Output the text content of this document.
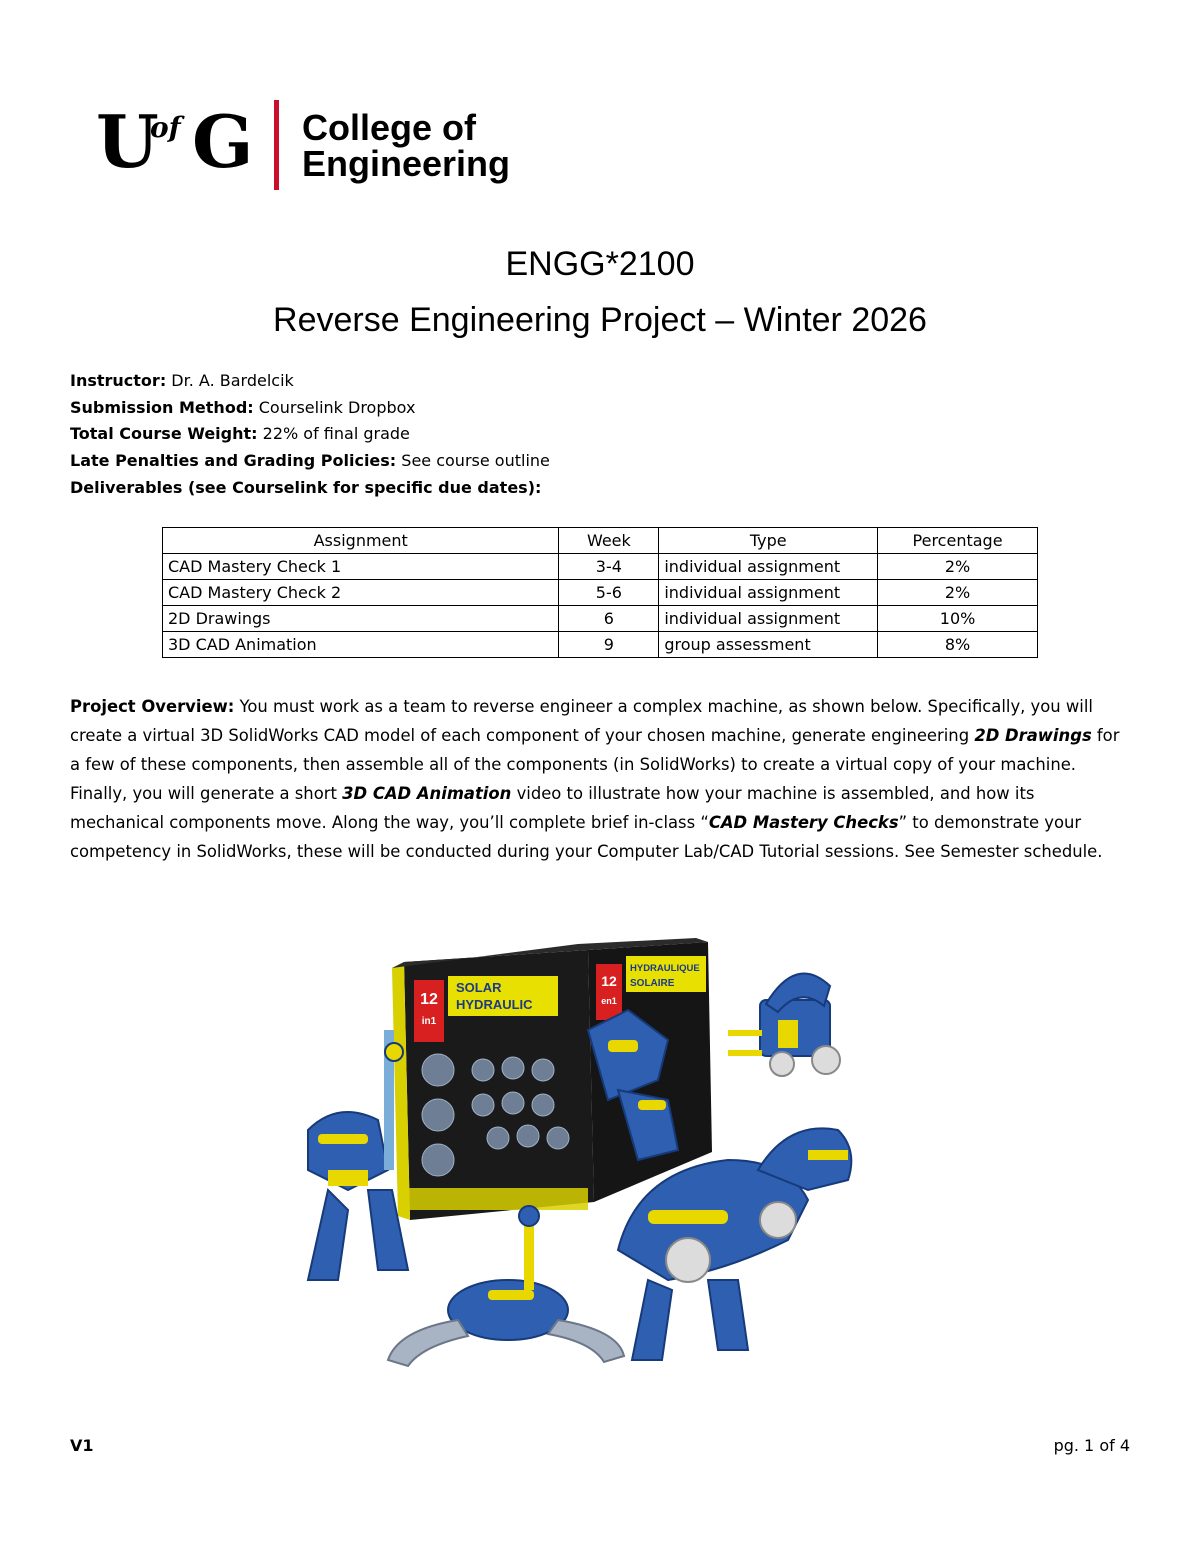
U
of G College of
Engineering
ENGG*2100
Reverse Engineering Project – Winter 2026
Instructor: Dr. A. Bardelcik
Submission Method: Courselink Dropbox
Total Course Weight: 22% of final grade
Late Penalties and Grading Policies: See course outline
Deliverables (see Courselink for specific due dates):
Assignment	Week	Type	Percentage
CAD Mastery Check 1	3-4	individual assignment	2%
CAD Mastery Check 2	5-6	individual assignment	2%
2D Drawings	6	individual assignment	10%
3D CAD Animation	9	group assessment	8%
Project Overview: You must work as a team to reverse engineer a complex machine, as shown below. Specifically, you will create a virtual 3D SolidWorks CAD model of each component of your chosen machine, generate engineering 2D Drawings for a few of these components, then assemble all of the components (in SolidWorks) to create a virtual copy of your machine. Finally, you will generate a short 3D CAD Animation video to illustrate how your machine is assembled, and how its mechanical components move. Along the way, you’ll complete brief in-class “CAD Mastery Checks” to demonstrate your competency in SolidWorks, these will be conducted during your Computer Lab/CAD Tutorial sessions. See Semester schedule.
12
in1
SOLAR
HYDRAULIC
12
en1
HYDRAULIQUE
SOLAIRE
S
T
E
M
V1	pg. 1 of 4
